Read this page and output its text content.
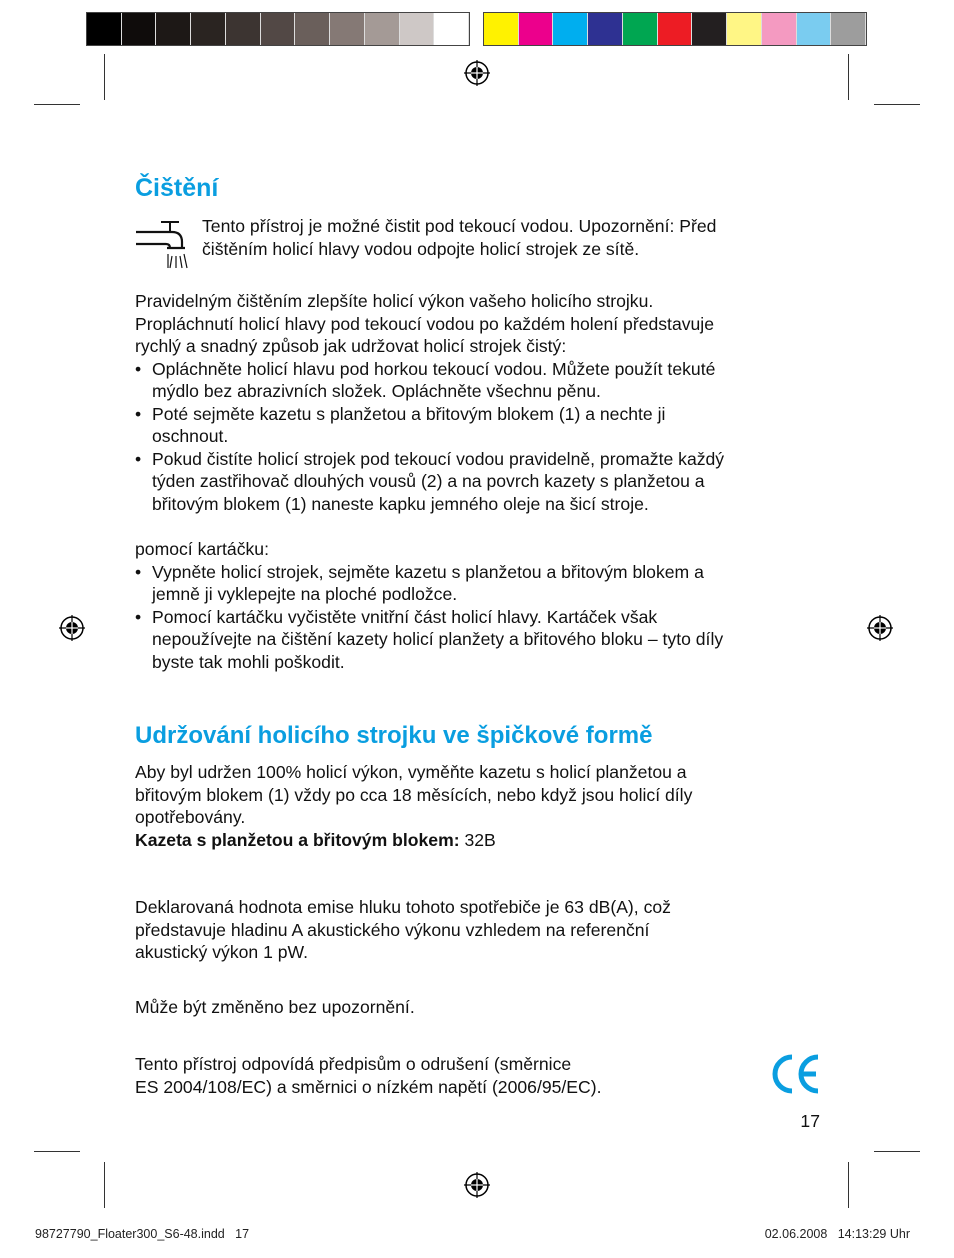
Čištění
Tento přístroj je možné čistit pod tekoucí vodou. Upozornění: Před
čištěním holicí hlavy vodou odpojte holicí strojek ze sítě.
Pravidelným čištěním zlepšíte holicí výkon vašeho holicího strojku.
Propláchnutí holicí hlavy pod tekoucí vodou po každém holení představuje
rychlý a snadný způsob jak udržovat holicí strojek čistý:
• Opláchněte holicí hlavu pod horkou tekoucí vodou. Můžete použít tekuté
mýdlo bez abrazivních složek. Opláchněte všechnu pěnu.
• Poté sejměte kazetu s planžetou a břitovým blokem (1) a nechte ji
oschnout.
• Pokud čistíte holicí strojek pod tekoucí vodou pravidelně, promažte každý
týden zastřihovač dlouhých vousů (2) a na povrch kazety s planžetou a
břitovým blokem (1) naneste kapku jemného oleje na šicí stroje.
pomocí kartáčku:
• Vypněte holicí strojek, sejměte kazetu s planžetou a břitovým blokem a
jemně ji vyklepejte na ploché podložce.
• Pomocí kartáčku vyčistěte vnitřní část holicí hlavy. Kartáček však
nepoužívejte na čištění kazety holicí planžety a břitového bloku – tyto díly
byste tak mohli poškodit.
Udržování holicího strojku ve špičkové formě
Aby byl udržen 100% holicí výkon, vyměňte kazetu s holicí planžetou a
břitovým blokem (1) vždy po cca 18 měsících, nebo když jsou holicí díly
opotřebovány.
Kazeta s planžetou a břitovým blokem: 32B
Deklarovaná hodnota emise hluku tohoto spotřebiče je 63 dB(A), což
představuje hladinu A akustického výkonu vzhledem na referenční
akustický výkon 1 pW.
Může být změněno bez upozornění.
Tento přístroj odpovídá předpisům o odrušení (směrnice
ES 2004/108/EC) a směrnici o nízkém napětí (2006/95/EC).
17
98727790_Floater300_S6-48.indd   17	02.06.2008   14:13:29 Uhr
